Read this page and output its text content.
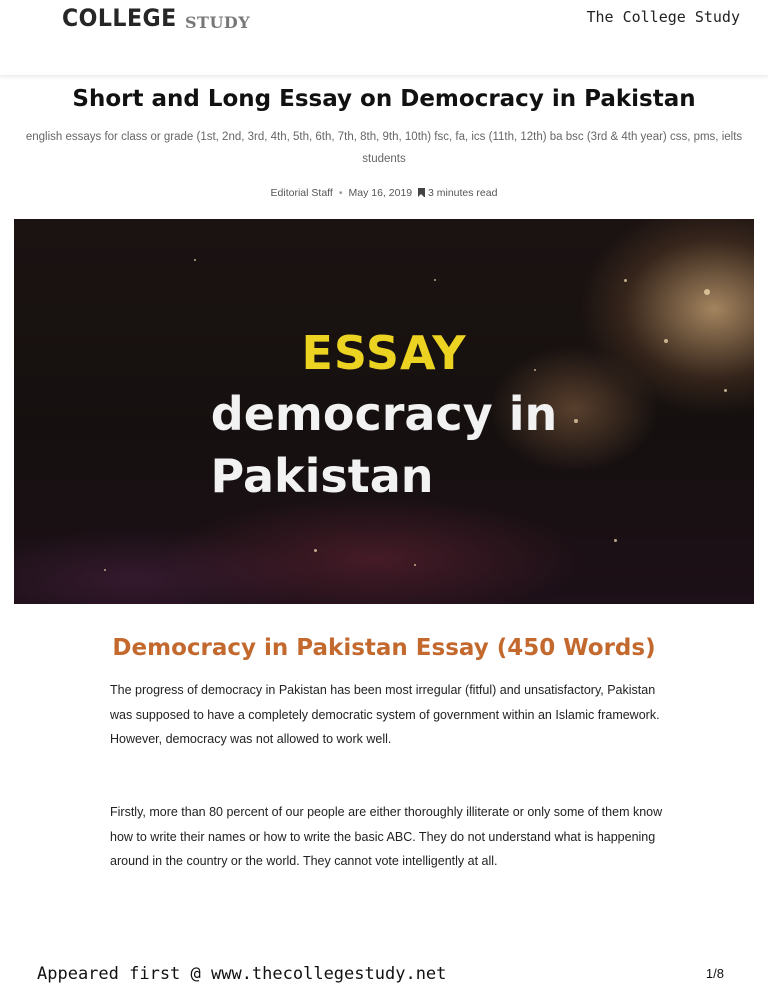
COLLEGE STUDY	The College Study
Short and Long Essay on Democracy in Pakistan

english essays for class or grade (1st, 2nd, 3rd, 4th, 5th, 6th, 7th, 8th, 9th, 10th) fsc, fa, ics (11th, 12th) ba bsc (3rd & 4th year) css, pms, ielts students

Editorial Staff • May 16, 2019 3 minutes read
ESSAY
democracy in
Pakistan
Democracy in Pakistan Essay (450 Words)

The progress of democracy in Pakistan has been most irregular (fitful) and unsatisfactory, Pakistan was supposed to have a completely democratic system of government within an Islamic framework. However, democracy was not allowed to work well.

Firstly, more than 80 percent of our people are either thoroughly illiterate or only some of them know how to write their names or how to write the basic ABC. They do not understand what is happening around in the country or the world. They cannot vote intelligently at all.

Appeared first @ www.thecollegestudy.net	1/8
